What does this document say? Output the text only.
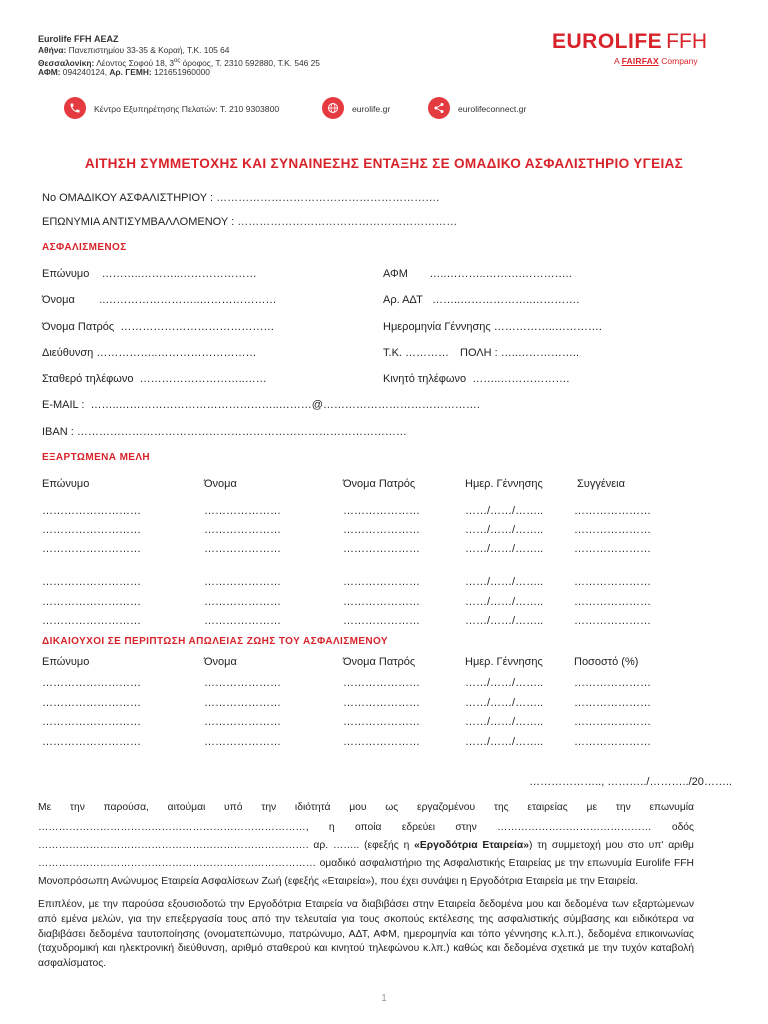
Eurolife FFH ΑΕΑΖ
Αθήνα: Πανεπιστημίου 33-35 & Κοραή, Τ.Κ. 105 64
Θεσσαλονίκη: Λέοντος Σοφού 18, $3^{o\varsigma}$ όροφος, Τ. 2310 592880, Τ.Κ. 546 25
ΑΦΜ: 094240124, Αρ. ΓΕΜΗ: 121651960000
EUROLIFE FFH
A FAIRFAX Company
Κέντρο Εξυπηρέτησης Πελατών: Τ. 210 9303800	eurolife.gr	eurolifeconnect.gr
ΑΙΤΗΣΗ ΣΥΜΜΕΤΟΧΗΣ ΚΑΙ ΣΥΝΑΙΝΕΣΗΣ ΕΝΤΑΞΗΣ ΣΕ ΟΜΑΔΙΚΟ ΑΣΦΑΛΙΣΤΗΡΙΟ ΥΓΕΙΑΣ
Νο ΟΜΑΔΙΚΟΥ ΑΣΦΑΛΙΣΤΗΡΙΟΥ : …………………………………………………….
ΕΠΩΝΥΜΙΑ ΑΝΤΙΣΥΜΒΑΛΛΟΜΕΝΟΥ : ……………………………………………………
ΑΣΦΑΛΙΣΜΕΝΟΣ
Επώνυμο ………..………..…………………	ΑΦΜ …..………..……….…………..
Όνομα ..……………………..…………………	Αρ. ΑΔΤ ……..………………..………….
Όνομα Πατρός ……………………………………	Ημερομηνία Γέννησης ……………..………….
Διεύθυνση ……………..………………………	Τ.Κ. ………… ΠΟΛΗ : …..……………..
Σταθερό τηλέφωνο ………………………..……	Κινητό τηλέφωνο ……..……………….
E-MAIL : ……..……………………………………..………@…………………………………….
IBAN : ………………………………………………………………………………
ΕΞΑΡΤΩΜΕΝΑ ΜΕΛΗ
Επώνυμο	Όνομα	Όνομα Πατρός	Ημερ. Γέννησης	Συγγένεια
………………………	…………………	…………………	……/……/……..	…………………
………………………	…………………	…………………	……/……/……..	…………………
………………………	…………………	…………………	……/……/……..	…………………
………………………	…………………	…………………	……/……/……..	…………………
………………………	…………………	…………………	……/……/……..	…………………
………………………	…………………	…………………	……/……/……..	…………………
ΔΙΚΑΙΟΥΧΟΙ ΣΕ ΠΕΡΙΠΤΩΣΗ ΑΠΩΛΕΙΑΣ ΖΩΗΣ ΤΟΥ ΑΣΦΑΛΙΣΜΕΝΟΥ
Επώνυμο	Όνομα	Όνομα Πατρός	Ημερ. Γέννησης	Ποσοστό (%)
………………………	…………………	…………………	……/……/……..	…………………
………………………	…………………	…………………	……/……/……..	…………………
………………………	…………………	…………………	……/……/……..	…………………
………………………	…………………	…………………	……/……/……..	…………………
……………….., ………../………../20……..
Με την παρούσα, αιτούμαι υπό την ιδιότητά μου ως εργαζομένου της εταιρείας με την επωνυμία
……………………………………………………………………, η οποία εδρεύει στην ……………………………………… οδός
……………………………………………………………………. αρ. …….. (εφεξής η «Εργοδότρια Εταιρεία») τη συμμετοχή μου στο υπ' αριθμ
……………………………………………………………………… ομαδικό ασφαλιστήριο της Ασφαλιστικής Εταιρείας με την επωνυμία Eurolife FFH
Μονοπρόσωπη Ανώνυμος Εταιρεία Ασφαλίσεων Ζωή (εφεξής «Εταιρεία»), που έχει συνάψει η Εργοδότρια Εταιρεία με την Εταιρεία.
Επιπλέον, με την παρούσα εξουσιοδοτώ την Εργοδότρια Εταιρεία να διαβιβάσει στην Εταιρεία δεδομένα μου και δεδομένα των εξαρτώμενων από εμένα μελών, για την επεξεργασία τους από την τελευταία για τους σκοπούς εκτέλεσης της ασφαλιστικής σύμβασης και ειδικότερα να διαβιβάσει δεδομένα ταυτοποίησης (ονοματεπώνυμο, πατρώνυμο, ΑΔΤ, ΑΦΜ, ημερομηνία και τόπο γέννησης κ.λ.π.), δεδομένα επικοινωνίας (ταχυδρομική και ηλεκτρονική διεύθυνση, αριθμό σταθερού και κινητού τηλεφώνου κ.λπ.) καθώς και δεδομένα σχετικά με την τυχόν καταβολή ασφαλίσματος.
1
